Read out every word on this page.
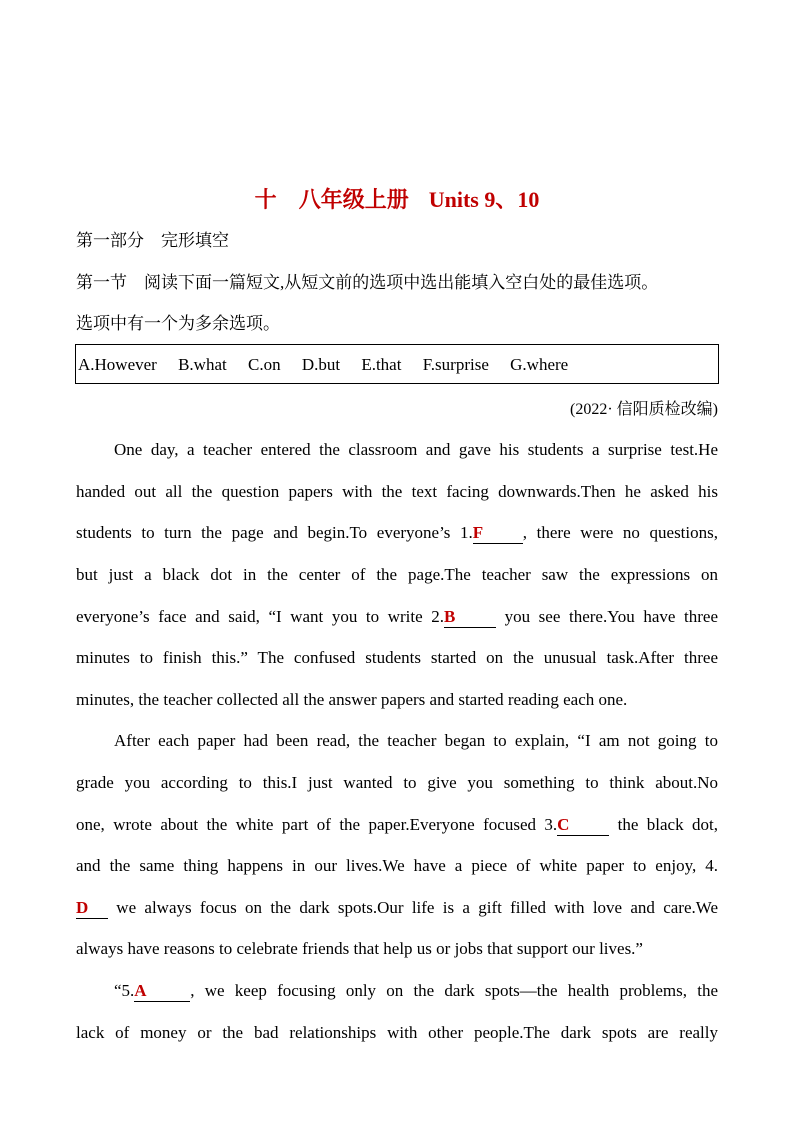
十 八年级上册 Units 9、10
第一部分　完形填空
第一节　阅读下面一篇短文,从短文前的选项中选出能填入空白处的最佳选项。
选项中有一个为多余选项。
A.However B.what C.on D.but E.that F.surprise G.where
(2022· 信阳质检改编)
One day, a teacher entered the classroom and gave his students a surprise test.He
handed out all the question papers with the text facing downwards.Then he asked his
students to turn the page and begin.To everyone’s 1.F , there were no questions,
but just a black dot in the center of the page.The teacher saw the expressions on
everyone’s face and said, “I want you to write 2.B you see there.You have three
minutes to finish this.” The confused students started on the unusual task.After three
minutes, the teacher collected all the answer papers and started reading each one.
After each paper had been read, the teacher began to explain, “I am not going to
grade you according to this.I just wanted to give you something to think about.No
one, wrote about the white part of the paper.Everyone focused 3.C the black dot,
and the same thing happens in our lives.We have a piece of white paper to enjoy, 4.
D we always focus on the dark spots.Our life is a gift filled with love and care.We
always have reasons to celebrate friends that help us or jobs that support our lives.”
“5.A	, we keep focusing only on the dark spots—the health problems, the
lack of money or the bad relationships with other people.The dark spots are really
